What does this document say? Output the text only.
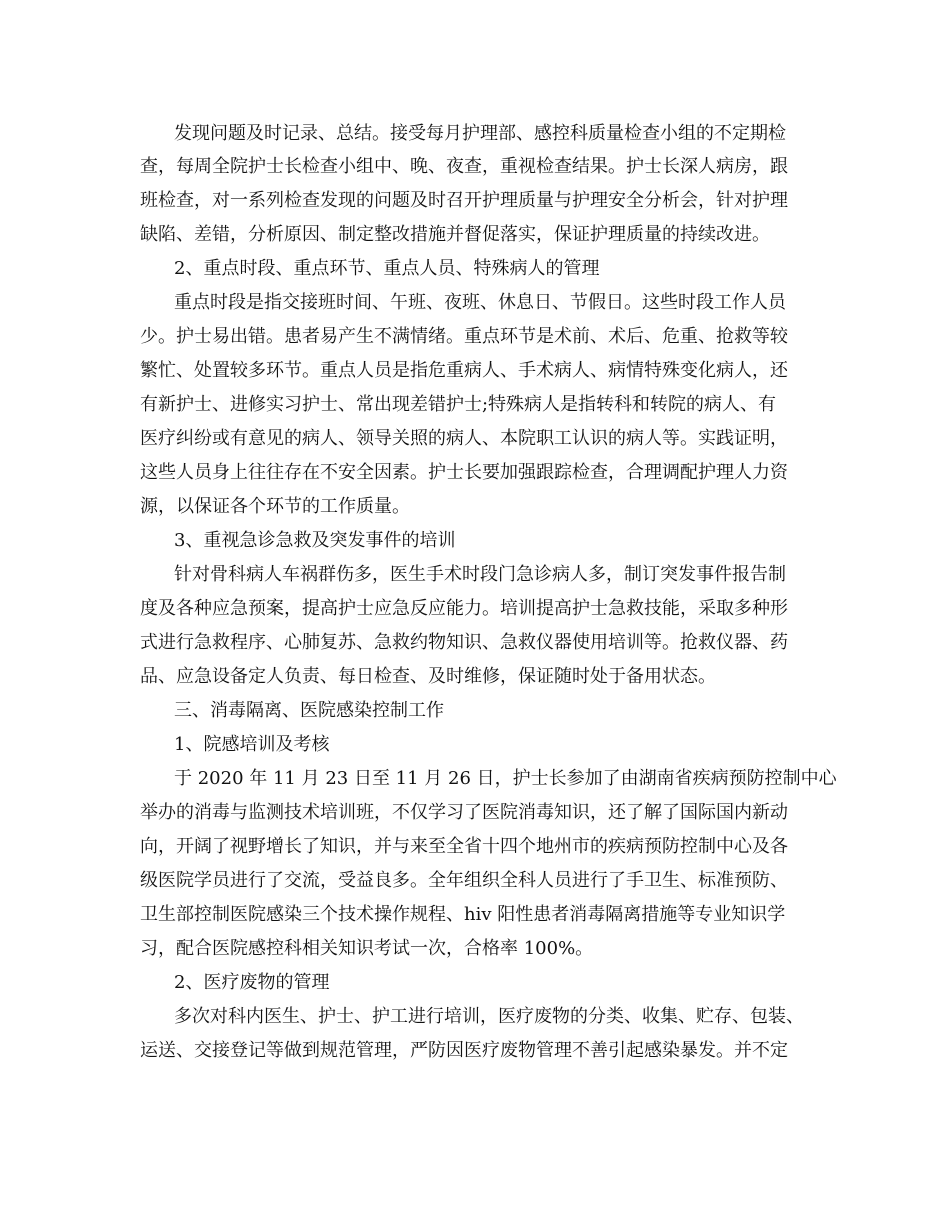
发现问题及时记录、总结。接受每月护理部、感控科质量检查小组的不定期检

查，每周全院护士长检查小组中、晚、夜查，重视检查结果。护士长深人病房，跟

班检查，对一系列检查发现的问题及时召开护理质量与护理安全分析会，针对护理

缺陷、差错，分析原因、制定整改措施并督促落实，保证护理质量的持续改进。

2、重点时段、重点环节、重点人员、特殊病人的管理

重点时段是指交接班时间、午班、夜班、休息日、节假日。这些时段工作人员

少。护士易出错。患者易产生不满情绪。重点环节是术前、术后、危重、抢救等较

繁忙、处置较多环节。重点人员是指危重病人、手术病人、病情特殊变化病人，还

有新护士、进修实习护士、常出现差错护士;特殊病人是指转科和转院的病人、有

医疗纠纷或有意见的病人、领导关照的病人、本院职工认识的病人等。实践证明，

这些人员身上往往存在不安全因素。护士长要加强跟踪检查，合理调配护理人力资

源，以保证各个环节的工作质量。

3、重视急诊急救及突发事件的培训

针对骨科病人车祸群伤多，医生手术时段门急诊病人多，制订突发事件报告制

度及各种应急预案，提高护士应急反应能力。培训提高护士急救技能，采取多种形

式进行急救程序、心肺复苏、急救约物知识、急救仪器使用培训等。抢救仪器、药

品、应急设备定人负责、每日检查、及时维修，保证随时处于备用状态。

三、消毒隔离、医院感染控制工作

1、院感培训及考核

于 2020 年 11 月 23 日至 11 月 26 日，护士长参加了由湖南省疾病预防控制中心

举办的消毒与监测技术培训班，不仅学习了医院消毒知识，还了解了国际国内新动

向，开阔了视野增长了知识，并与来至全省十四个地州市的疾病预防控制中心及各

级医院学员进行了交流，受益良多。全年组织全科人员进行了手卫生、标准预防、

卫生部控制医院感染三个技术操作规程、hiv 阳性患者消毒隔离措施等专业知识学

习，配合医院感控科相关知识考试一次，合格率 100%。

2、医疗废物的管理

多次对科内医生、护士、护工进行培训，医疗废物的分类、收集、贮存、包装、

运送、交接登记等做到规范管理，严防因医疗废物管理不善引起感染暴发。并不定
